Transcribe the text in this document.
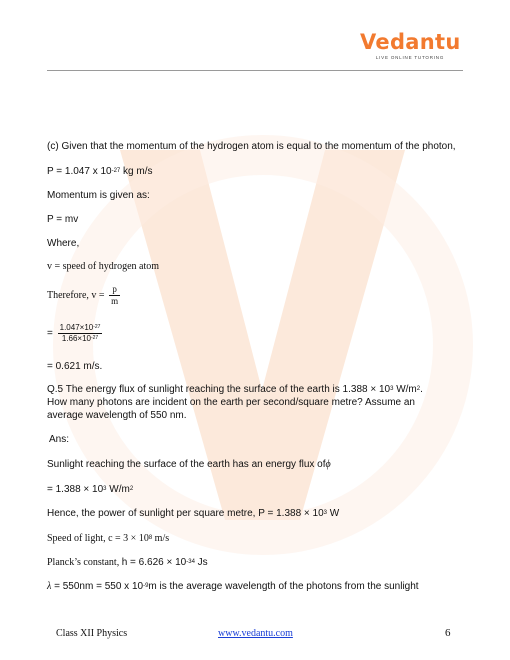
Vedantu
LIVE ONLINE TUTORING
(c) Given that the momentum of the hydrogen atom is equal to the momentum of the photon,
P = 1.047 x $10^{-27}$ kg m/s
Momentum is given as:
P = mv
Where,
v = speed of hydrogen atom
Therefore, $v = \frac{p}{m}$
= $\frac{1.047\times 10^{-27}}{1.66\times 10^{-27}}$
= 0.621 m/s.
Q.5 The energy flux of sunlight reaching the surface of the earth is $1.388 \times 10^3$ $W/m^2$.
How many photons are incident on the earth per second/square metre? Assume an
average wavelength of 550 nm.
Ans:
Sunlight reaching the surface of the earth has an energy flux ofϕ
= $1.388 \times 10^3$ $W/m^2$
Hence, the power of sunlight per square metre, $P = 1.388 \times 10^3$ W
Speed of light, $c = 3 \times 10^8$ m/s
Planck’s constant, $h = 6.626 \times 10^{-34}$ Js
λ = 550nm = 550 x $10^{-9}m$ is the average wavelength of the photons from the sunlight
Class XII Physics	www.vedantu.com	6
